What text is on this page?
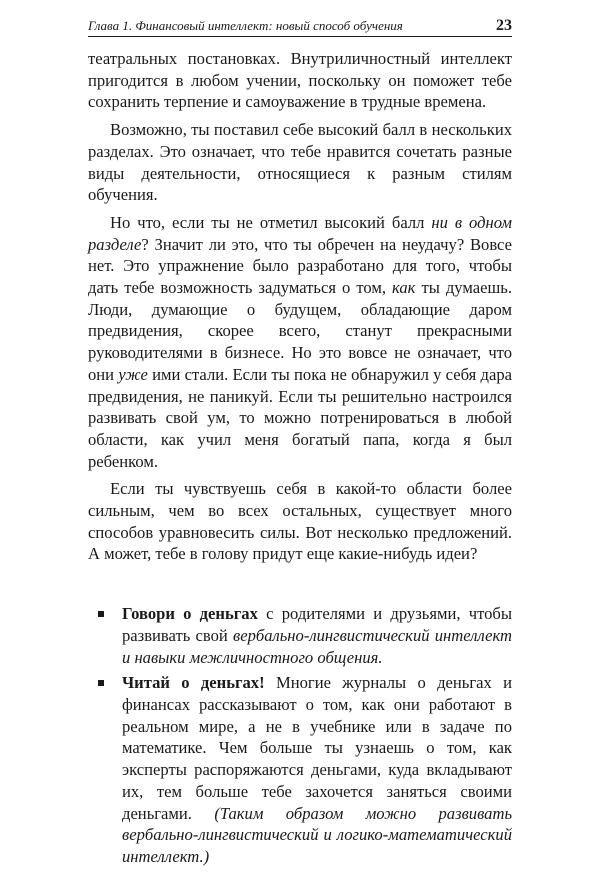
Глава 1. Финансовый интеллект: новый способ обучения	23

театральных постановках. Внутриличностный интеллект пригодится в любом учении, поскольку он поможет тебе сохранить терпение и самоуважение в трудные времена.

Возможно, ты поставил себе высокий балл в нескольких разделах. Это означает, что тебе нравится сочетать разные виды деятельности, относящиеся к разным стилям обучения.

Но что, если ты не отметил высокий балл ни в одном разделе? Значит ли это, что ты обречен на неудачу? Вовсе нет. Это упражнение было разработано для того, чтобы дать тебе возможность задуматься о том, как ты думаешь. Люди, думающие о будущем, обладающие даром предвидения, скорее всего, станут прекрасными руководителями в бизнесе. Но это вовсе не означает, что они уже ими стали. Если ты пока не обнаружил у себя дара предвидения, не паникуй. Если ты решительно настроился развивать свой ум, то можно потренироваться в любой области, как учил меня богатый папа, когда я был ребенком.

Если ты чувствуешь себя в какой-то области более сильным, чем во всех остальных, существует много способов уравновесить силы. Вот несколько предложений. А может, тебе в голову придут еще какие-нибудь идеи?

Говори о деньгах с родителями и друзьями, чтобы развивать свой вербально-лингвистический интеллект и навыки межличностного общения.
Читай о деньгах! Многие журналы о деньгах и финансах рассказывают о том, как они работают в реальном мире, а не в учебнике или в задаче по математике. Чем больше ты узнаешь о том, как эксперты распоряжаются деньгами, куда вкладывают их, тем больше тебе захочется заняться своими деньгами. (Таким образом можно развивать вербально-лингвистический и логико-математический интеллект.)
